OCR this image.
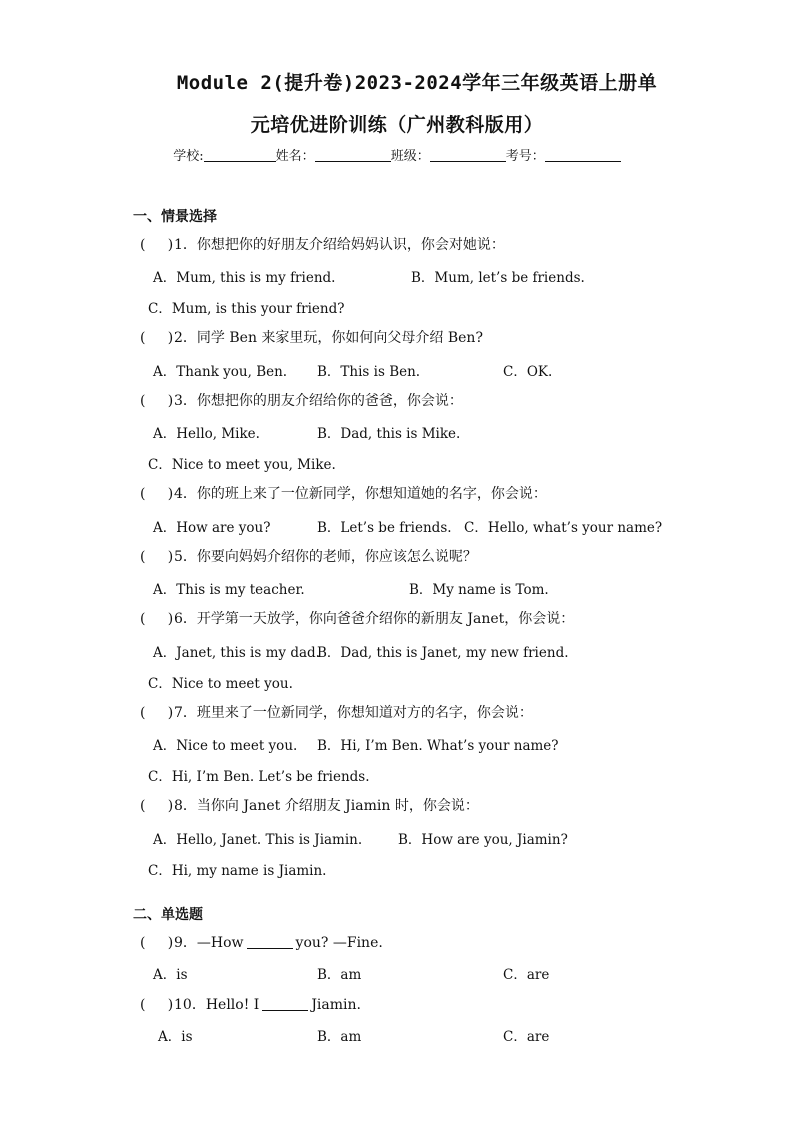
Module 2(提升卷)2023-2024学年三年级英语上册单
元培优进阶训练（广州教科版用）
学校:	姓名：	班级：	考号：
一、情景选择
( )1．你想把你的好朋友介绍给妈妈认识，你会对她说：
A．Mum, this is my friend.	B．Mum, let’s be friends.
C．Mum, is this your friend?
( )2．同学 Ben 来家里玩，你如何向父母介绍 Ben?
A．Thank you, Ben. B．This is Ben.	C．OK.
( )3．你想把你的朋友介绍给你的爸爸，你会说：
A．Hello, Mike.	B．Dad, this is Mike.
C．Nice to meet you, Mike.
( )4．你的班上来了一位新同学，你想知道她的名字，你会说：
A．How are you?	B．Let’s be friends. C．Hello, what’s your name?
( )5．你要向妈妈介绍你的老师，你应该怎么说呢？
A．This is my teacher.	B．My name is Tom.
( )6．开学第一天放学，你向爸爸介绍你的新朋友 Janet，你会说：
A．Janet, this is my dad.
B．Dad, this is Janet, my new friend.
C．Nice to meet you.
( )7．班里来了一位新同学，你想知道对方的名字，你会说：
A．Nice to meet you. B．Hi, I’m Ben. What’s your name?
C．Hi, I’m Ben. Let’s be friends.
( )8．当你向 Janet 介绍朋友 Jiamin 时，你会说：
A．Hello, Janet. This is Jiamin.	B．How are you, Jiamin?
C．Hi, my name is Jiamin.
二、单选题
( )9．—How	you? —Fine.
A．is	B．am	C．are
( )10．Hello! I	Jiamin.
A．is	B．am	C．are
